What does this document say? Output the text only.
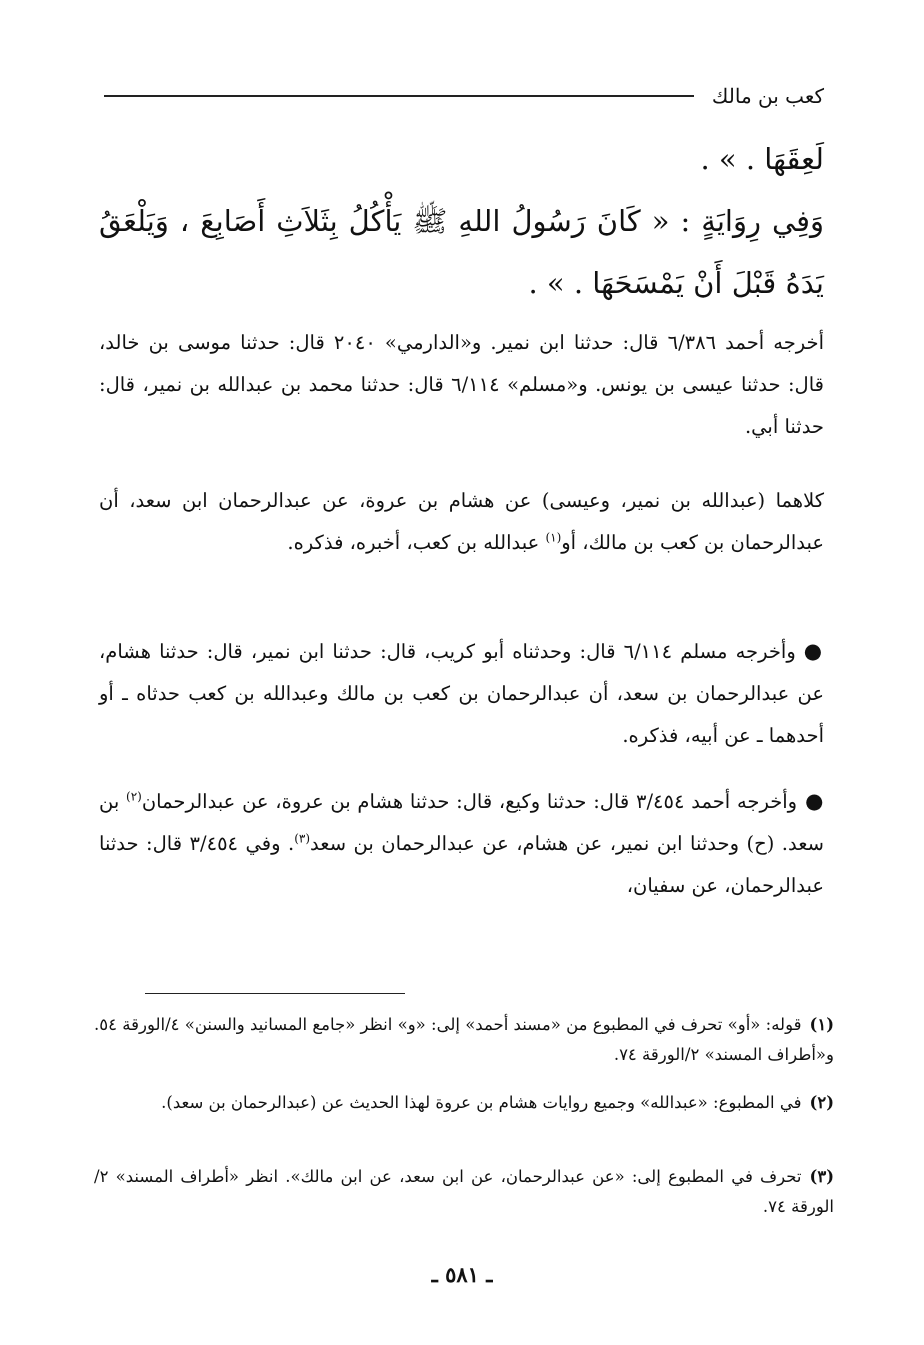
كعب بن مالك
لَعِقَهَا . » .
وَفِي رِوَايَةٍ : « كَانَ رَسُولُ اللهِ ﷺ يَأْكُلُ بِثَلاَثِ أَصَابِعَ ، وَيَلْعَقُ يَدَهُ قَبْلَ أَنْ يَمْسَحَهَا . » .
أخرجه أحمد ٦/٣٨٦ قال: حدثنا ابن نمير. و«الدارمي» ٢٠٤٠ قال: حدثنا موسى بن خالد، قال: حدثنا عيسى بن يونس. و«مسلم» ٦/١١٤ قال: حدثنا محمد بن عبدالله بن نمير، قال: حدثنا أبي.
كلاهما (عبدالله بن نمير، وعيسى) عن هشام بن عروة، عن عبدالرحمان ابن سعد، أن عبدالرحمان بن كعب بن مالك، أو$^{(١)}$ عبدالله بن كعب، أخبره، فذكره.
●وأخرجه مسلم ٦/١١٤ قال: وحدثناه أبو كريب، قال: حدثنا ابن نمير، قال: حدثنا هشام، عن عبدالرحمان بن سعد، أن عبدالرحمان بن كعب بن مالك وعبدالله بن كعب حدثاه ـ أو أحدهما ـ عن أبيه، فذكره.
●وأخرجه أحمد ٣/٤٥٤ قال: حدثنا وكيع، قال: حدثنا هشام بن عروة، عن عبدالرحمان$^{(٢)}$ بن سعد. (ح) وحدثنا ابن نمير، عن هشام، عن عبدالرحمان بن سعد$^{(٣)}$. وفي ٣/٤٥٤ قال: حدثنا عبدالرحمان، عن سفيان،
(١)قوله: «أو» تحرف في المطبوع من «مسند أحمد» إلى: «و» انظر «جامع المسانيد والسنن» ٤/الورقة ٥٤. و«أطراف المسند» ٢/الورقة ٧٤.
(٢)في المطبوع: «عبدالله» وجميع روايات هشام بن عروة لهذا الحديث عن (عبدالرحمان بن سعد).
(٣)تحرف في المطبوع إلى: «عن عبدالرحمان، عن ابن سعد، عن ابن مالك». انظر «أطراف المسند» ٢/الورقة ٧٤.
ـ ٥٨١ ـ
